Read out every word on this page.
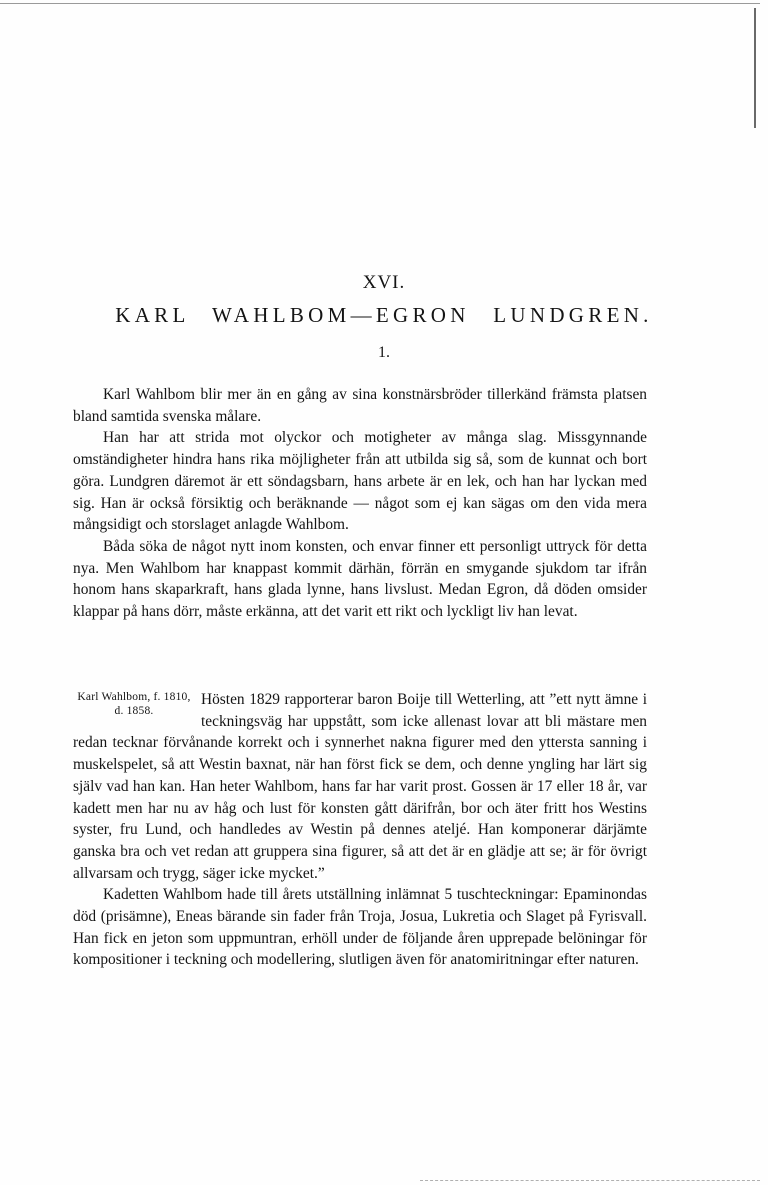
XVI.
KARL WAHLBOM—EGRON LUNDGREN.
1.

Karl Wahlbom blir mer än en gång av sina konstnärsbröder tillerkänd främsta platsen bland samtida svenska målare.

Han har att strida mot olyckor och motigheter av många slag. Missgynnande omständigheter hindra hans rika möjligheter från att utbilda sig så, som de kunnat och bort göra. Lundgren däremot är ett söndagsbarn, hans arbete är en lek, och han har lyckan med sig. Han är också försiktig och beräknande — något som ej kan sägas om den vida mera mångsidigt och storslaget anlagde Wahlbom.

Båda söka de något nytt inom konsten, och envar finner ett personligt uttryck för detta nya. Men Wahlbom har knappast kommit därhän, förrän en smygande sjukdom tar ifrån honom hans skaparkraft, hans glada lynne, hans livslust. Medan Egron, då döden omsider klappar på hans dörr, måste erkänna, att det varit ett rikt och lyckligt liv han levat.

Karl Wahlbom, f. 1810, d. 1858.

Hösten 1829 rapporterar baron Boije till Wetterling, att ”ett nytt ämne i teckningsväg har uppstått, som icke allenast lovar att bli mästare men redan tecknar förvånande korrekt och i synnerhet nakna figurer med den yttersta sanning i muskelspelet, så att Westin baxnat, när han först fick se dem, och denne yngling har lärt sig själv vad han kan. Han heter Wahlbom, hans far har varit prost. Gossen är 17 eller 18 år, var kadett men har nu av håg och lust för konsten gått därifrån, bor och äter fritt hos Westins syster, fru Lund, och handledes av Westin på dennes ateljé. Han komponerar därjämte ganska bra och vet redan att gruppera sina figurer, så att det är en glädje att se; är för övrigt allvarsam och trygg, säger icke mycket.”

Kadetten Wahlbom hade till årets utställning inlämnat 5 tuschteckningar: Epaminondas död (prisämne), Eneas bärande sin fader från Troja, Josua, Lukretia och Slaget på Fyrisvall. Han fick en jeton som uppmuntran, erhöll under de följande åren upprepade belöningar för kompositioner i teckning och modellering, slutligen även för anatomiritningar efter naturen.
